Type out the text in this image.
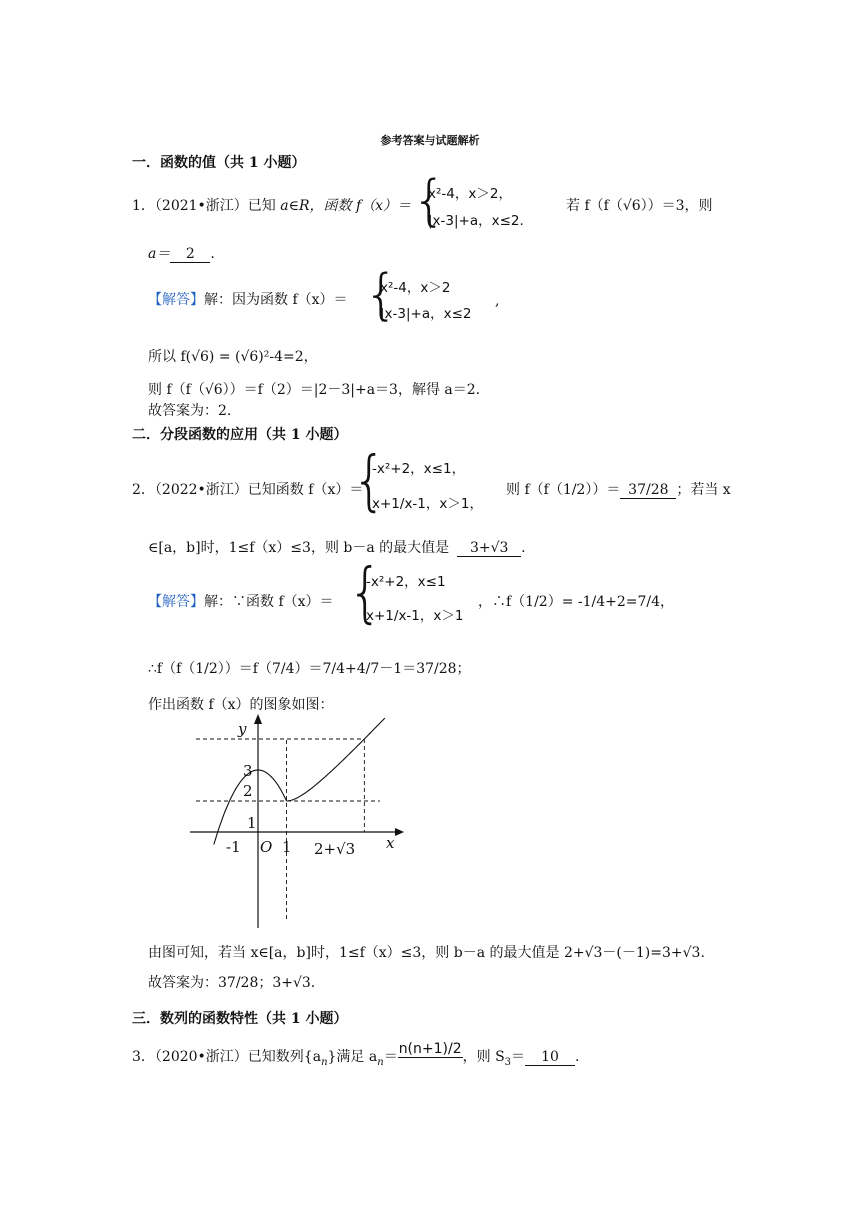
参考答案与试题解析
一．函数的值（共 1 小题）
1．（2021•浙江）已知 a∈R，函数 f（x）＝ {
x²-4，x＞2，
|x-3|+a，x≤2.
若 f（f（√6））＝3，则
a＝ 2 .
【解答】解：因为函数 f（x）＝ {
x²-4，x＞2
|x-3|+a，x≤2
,
所以 f(√6) = (√6)²-4=2，
则 f（f（√6））＝f（2）＝|2－3|+a＝3，解得 a＝2.
故答案为：2.
二．分段函数的应用（共 1 小题）
2．（2022•浙江）已知函数 f（x）＝
{
-x²+2，x≤1，
x+1/x-1，x＞1，
则 f（f（1/2））＝ 37/28 ；若当 x
∈[a，b]时，1≤f（x）≤3，则 b－a 的最大值是 3+√3 .
【解答】解：∵函数 f（x）＝ {
-x²+2，x≤1
x+1/x-1，x＞1
，∴f（1/2）= -1/4+2=7/4，
∴f（f（1/2））＝f（7/4）＝7/4+4/7－1＝37/28；
作出函数 f（x）的图象如图：
y
x
-1 O 1 2+√3
1
2
3
由图可知，若当 x∈[a，b]时，1≤f（x）≤3，则 b－a 的最大值是 2+√3－(－1)=3+√3.
故答案为：37/28；3+√3.
三．数列的函数特性（共 1 小题）
3．（2020•浙江）已知数列$\{a_n\}$满足 $a_n=$
n(n+1)/2

，则 $S_3= 10$ .
